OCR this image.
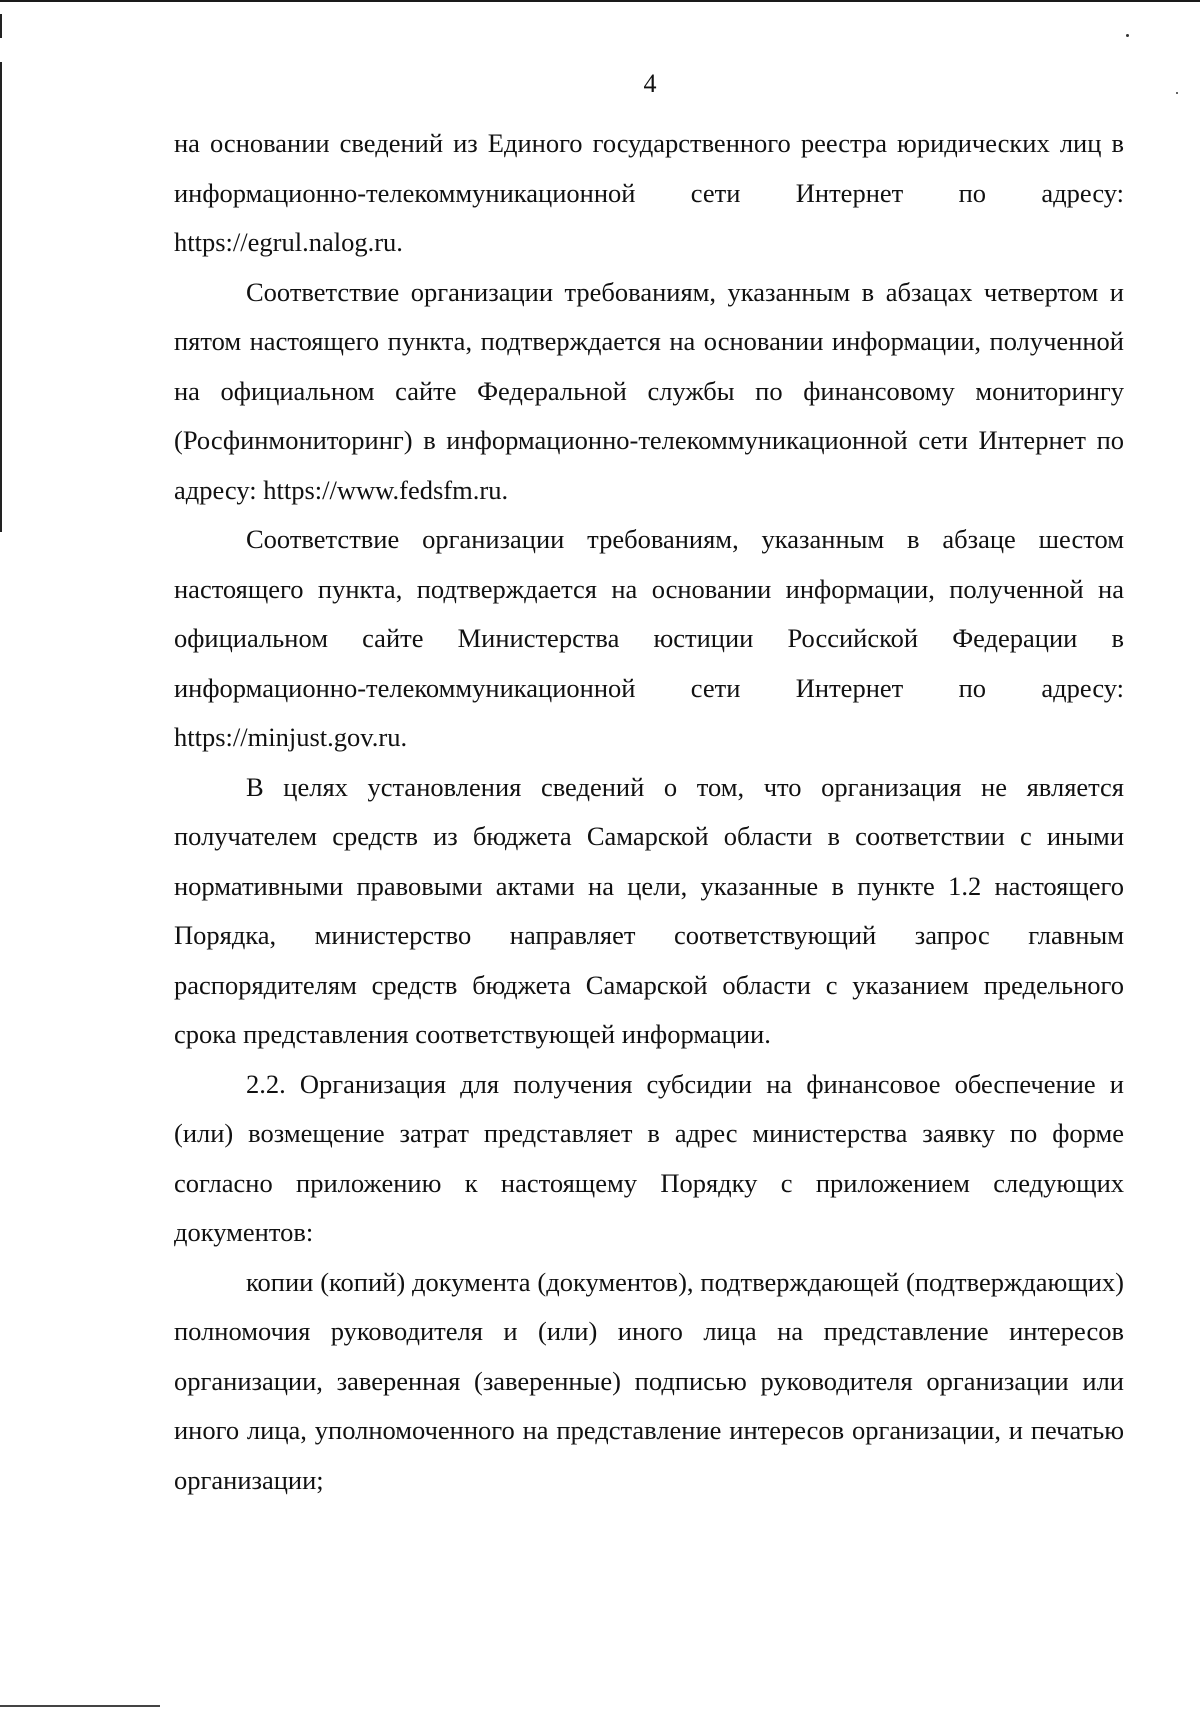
4

на основании сведений из Единого государственного реестра юридических лиц в информационно-телекоммуникационной сети Интернет по адресу: https://egrul.nalog.ru.

Соответствие организации требованиям, указанным в абзацах четвертом и пятом настоящего пункта, подтверждается на основании информации, полученной на официальном сайте Федеральной службы по финансовому мониторингу (Росфинмониторинг) в информационно-телекоммуникационной сети Интернет по адресу: https://www.fedsfm.ru.

Соответствие организации требованиям, указанным в абзаце шестом настоящего пункта, подтверждается на основании информации, полученной на официальном сайте Министерства юстиции Российской Федерации в информационно-телекоммуникационной сети Интернет по адресу: https://minjust.gov.ru.

В целях установления сведений о том, что организация не является получателем средств из бюджета Самарской области в соответствии с иными нормативными правовыми актами на цели, указанные в пункте 1.2 настоящего Порядка, министерство направляет соответствующий запрос главным распорядителям средств бюджета Самарской области с указанием предельного срока представления соответствующей информации.

2.2. Организация для получения субсидии на финансовое обеспечение и (или) возмещение затрат представляет в адрес министерства заявку по форме согласно приложению к настоящему Порядку с приложением следующих документов:

копии (копий) документа (документов), подтверждающей (подтверждающих) полномочия руководителя и (или) иного лица на представление интересов организации, заверенная (заверенные) подписью руководителя организации или иного лица, уполномоченного на представление интересов организации, и печатью организации;
